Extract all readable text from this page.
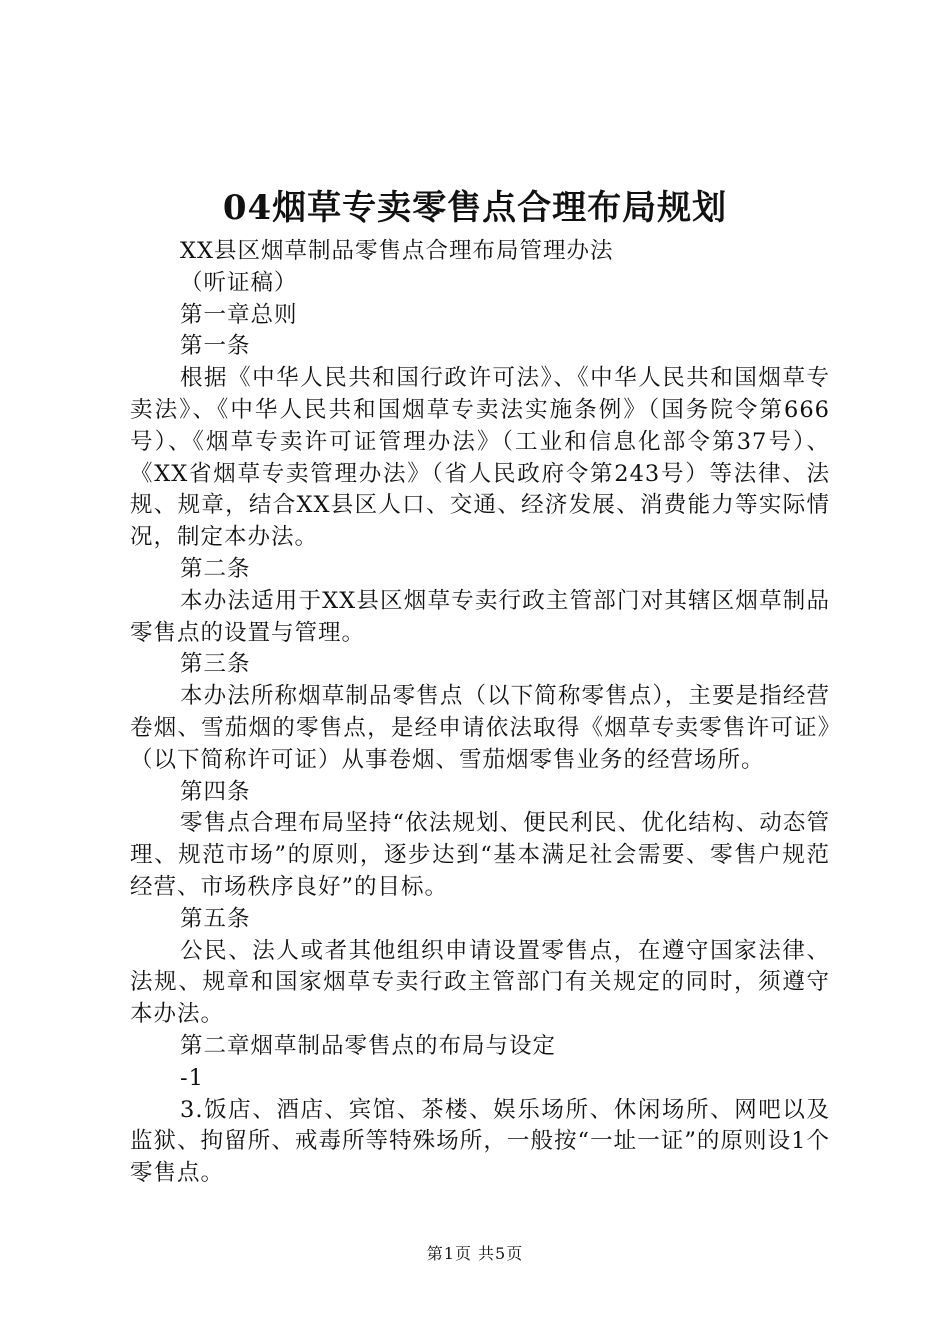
04烟草专卖零售点合理布局规划

XX县区烟草制品零售点合理布局管理办法

（听证稿）

第一章总则

第一条

根据《中华人民共和国行政许可法》、《中华人民共和国烟草专卖法》、《中华人民共和国烟草专卖法实施条例》（国务院令第666号）、《烟草专卖许可证管理办法》（工业和信息化部令第37号）、《XX省烟草专卖管理办法》（省人民政府令第243号）等法律、法规、规章，结合XX县区人口、交通、经济发展、消费能力等实际情况，制定本办法。

第二条

本办法适用于XX县区烟草专卖行政主管部门对其辖区烟草制品零售点的设置与管理。

第三条

本办法所称烟草制品零售点（以下简称零售点），主要是指经营卷烟、雪茄烟的零售点，是经申请依法取得《烟草专卖零售许可证》（以下简称许可证）从事卷烟、雪茄烟零售业务的经营场所。

第四条

零售点合理布局坚持“依法规划、便民利民、优化结构、动态管理、规范市场”的原则，逐步达到“基本满足社会需要、零售户规范经营、市场秩序良好”的目标。

第五条

公民、法人或者其他组织申请设置零售点，在遵守国家法律、法规、规章和国家烟草专卖行政主管部门有关规定的同时，须遵守本办法。

第二章烟草制品零售点的布局与设定

-1

3.饭店、酒店、宾馆、茶楼、娱乐场所、休闲场所、网吧以及监狱、拘留所、戒毒所等特殊场所，一般按“一址一证”的原则设1个零售点。

第1页 共5页
